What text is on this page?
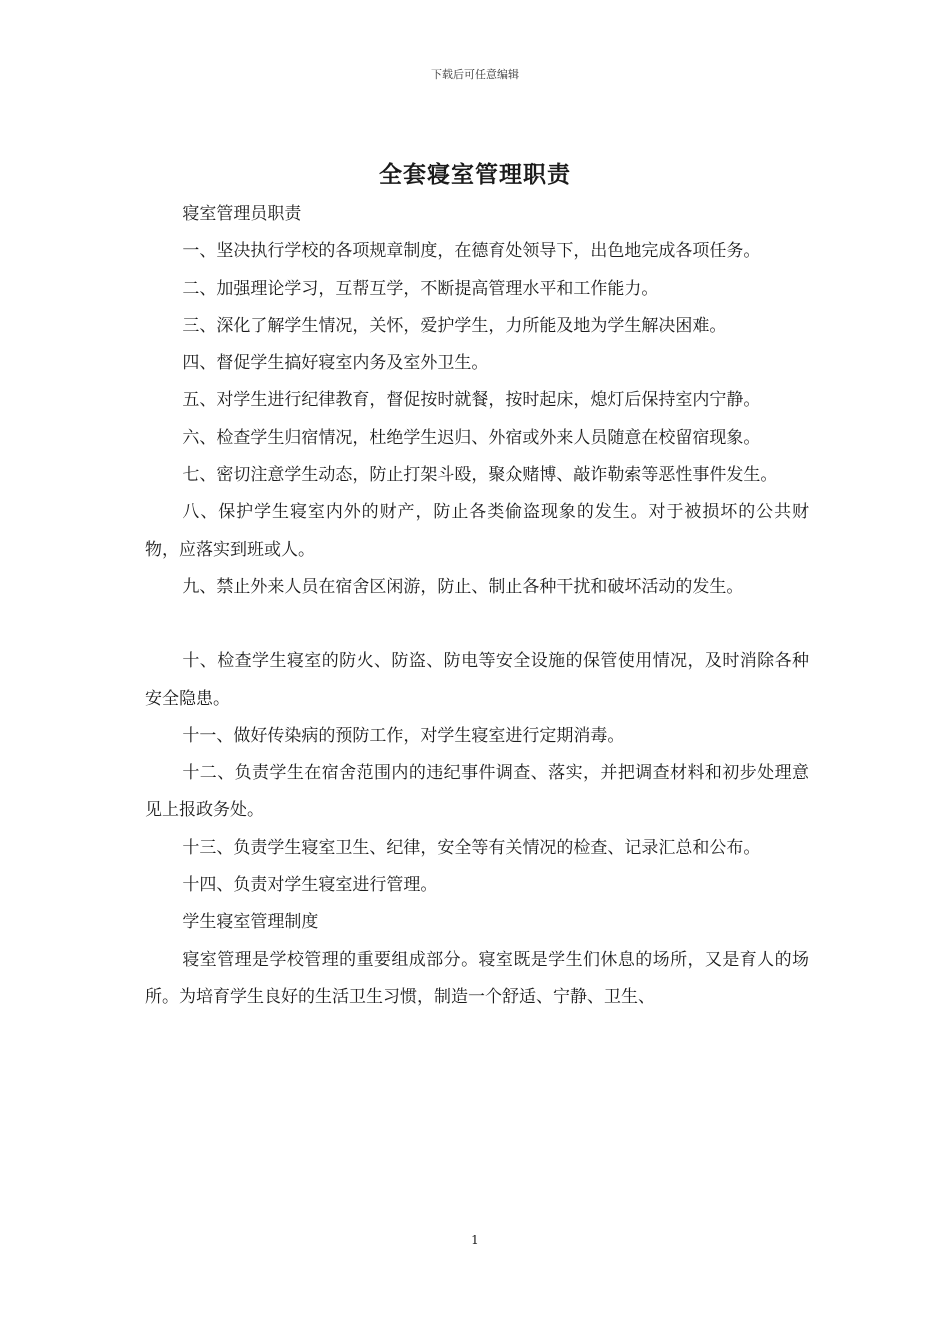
下载后可任意编辑
全套寝室管理职责

寝室管理员职责

一、坚决执行学校的各项规章制度，在德育处领导下，出色地完成各项任务。

二、加强理论学习，互帮互学，不断提高管理水平和工作能力。

三、深化了解学生情况，关怀，爱护学生，力所能及地为学生解决困难。

四、督促学生搞好寝室内务及室外卫生。

五、对学生进行纪律教育，督促按时就餐，按时起床，熄灯后保持室内宁静。

六、检查学生归宿情况，杜绝学生迟归、外宿或外来人员随意在校留宿现象。

七、密切注意学生动态，防止打架斗殴，聚众赌博、敲诈勒索等恶性事件发生。

八、保护学生寝室内外的财产，防止各类偷盗现象的发生。对于被损坏的公共财物，应落实到班或人。

九、禁止外来人员在宿舍区闲游，防止、制止各种干扰和破坏活动的发生。

十、检查学生寝室的防火、防盗、防电等安全设施的保管使用情况，及时消除各种安全隐患。

十一、做好传染病的预防工作，对学生寝室进行定期消毒。

十二、负责学生在宿舍范围内的违纪事件调查、落实，并把调查材料和初步处理意见上报政务处。

十三、负责学生寝室卫生、纪律，安全等有关情况的检查、记录汇总和公布。

十四、负责对学生寝室进行管理。

学生寝室管理制度

寝室管理是学校管理的重要组成部分。寝室既是学生们休息的场所，又是育人的场所。为培育学生良好的生活卫生习惯，制造一个舒适、宁静、卫生、

1
